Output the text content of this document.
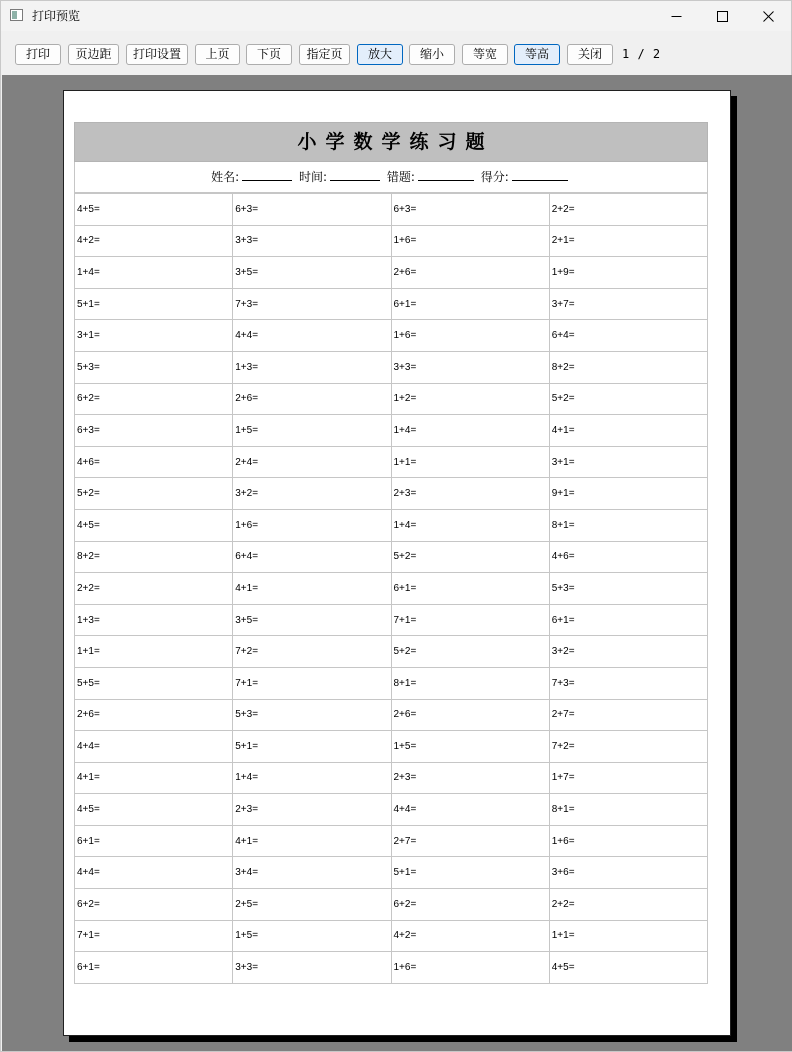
打印预览
打印	页边距	打印设置	上页	下页	指定页	放大	缩小	等宽	等高	关闭	1 / 2
小学数学练习题
姓名:	时间:	错题:	得分:
4+5=	6+3=	6+3=	2+2=
4+2=	3+3=	1+6=	2+1=
1+4=	3+5=	2+6=	1+9=
5+1=	7+3=	6+1=	3+7=
3+1=	4+4=	1+6=	6+4=
5+3=	1+3=	3+3=	8+2=
6+2=	2+6=	1+2=	5+2=
6+3=	1+5=	1+4=	4+1=
4+6=	2+4=	1+1=	3+1=
5+2=	3+2=	2+3=	9+1=
4+5=	1+6=	1+4=	8+1=
8+2=	6+4=	5+2=	4+6=
2+2=	4+1=	6+1=	5+3=
1+3=	3+5=	7+1=	6+1=
1+1=	7+2=	5+2=	3+2=
5+5=	7+1=	8+1=	7+3=
2+6=	5+3=	2+6=	2+7=
4+4=	5+1=	1+5=	7+2=
4+1=	1+4=	2+3=	1+7=
4+5=	2+3=	4+4=	8+1=
6+1=	4+1=	2+7=	1+6=
4+4=	3+4=	5+1=	3+6=
6+2=	2+5=	6+2=	2+2=
7+1=	1+5=	4+2=	1+1=
6+1=	3+3=	1+6=	4+5=
